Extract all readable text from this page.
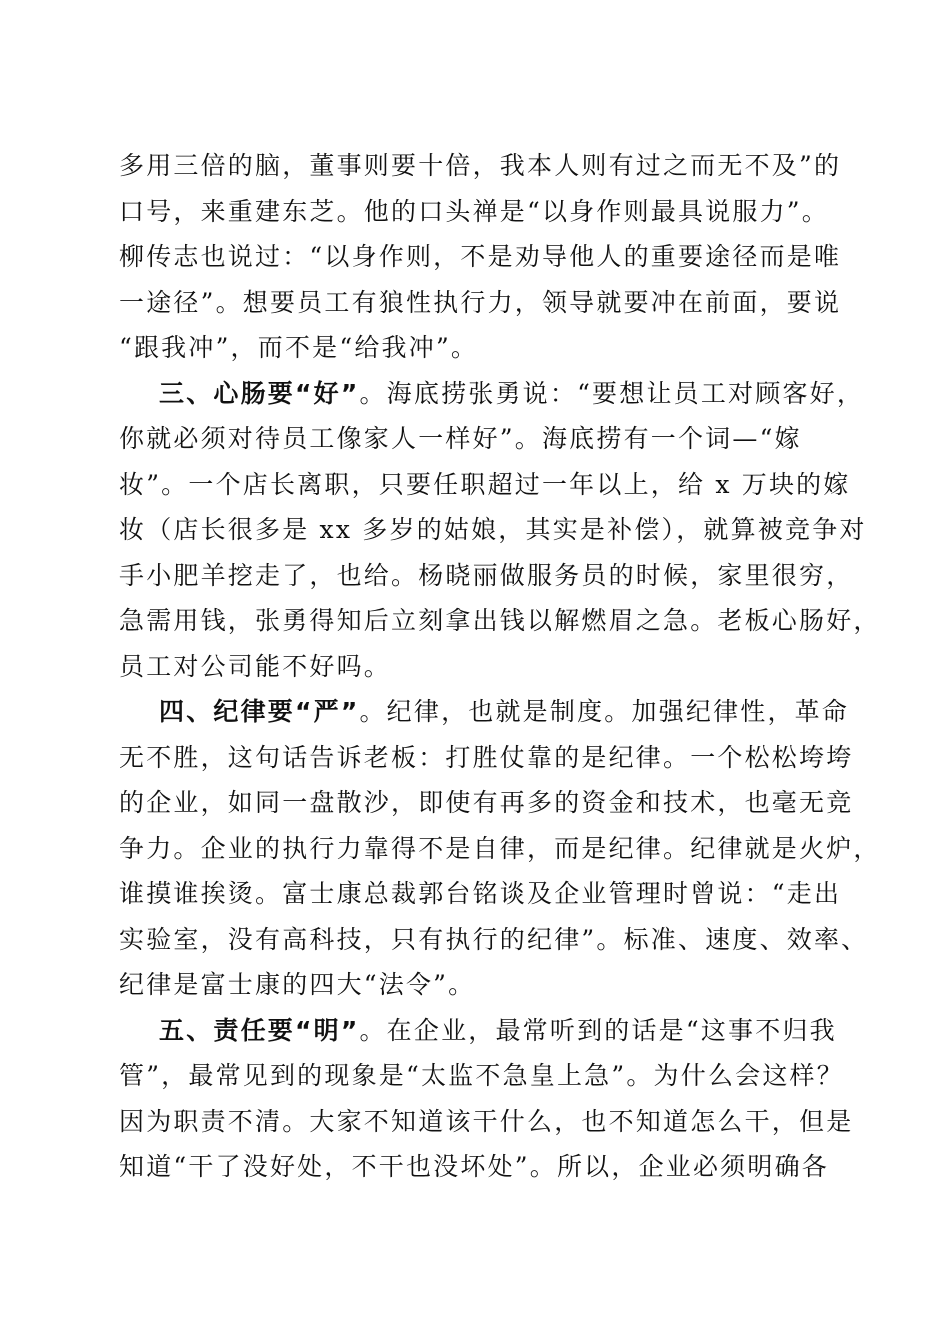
多用三倍的脑，董事则要十倍，我本人则有过之而无不及”的
口号，来重建东芝。他的口头禅是“以身作则最具说服力”。
柳传志也说过：“以身作则，不是劝导他人的重要途径而是唯
一途径”。想要员工有狼性执行力，领导就要冲在前面，要说
“跟我冲”，而不是“给我冲”。
三、心肠要“好”。海底捞张勇说：“要想让员工对顾客好，
你就必须对待员工像家人一样好”。海底捞有一个词—“嫁
妆”。一个店长离职，只要任职超过一年以上，给 x 万块的嫁
妆（店长很多是 xx 多岁的姑娘，其实是补偿），就算被竞争对
手小肥羊挖走了，也给。杨晓丽做服务员的时候，家里很穷，
急需用钱，张勇得知后立刻拿出钱以解燃眉之急。老板心肠好，
员工对公司能不好吗。
四、纪律要“严”。纪律，也就是制度。加强纪律性，革命
无不胜，这句话告诉老板：打胜仗靠的是纪律。一个松松垮垮
的企业，如同一盘散沙，即使有再多的资金和技术，也毫无竞
争力。企业的执行力靠得不是自律，而是纪律。纪律就是火炉，
谁摸谁挨烫。富士康总裁郭台铭谈及企业管理时曾说：“走出
实验室，没有高科技，只有执行的纪律”。标准、速度、效率、
纪律是富士康的四大“法令”。
五、责任要“明”。在企业，最常听到的话是“这事不归我
管”，最常见到的现象是“太监不急皇上急”。为什么会这样？
因为职责不清。大家不知道该干什么，也不知道怎么干，但是
知道“干了没好处，不干也没坏处”。所以，企业必须明确各
